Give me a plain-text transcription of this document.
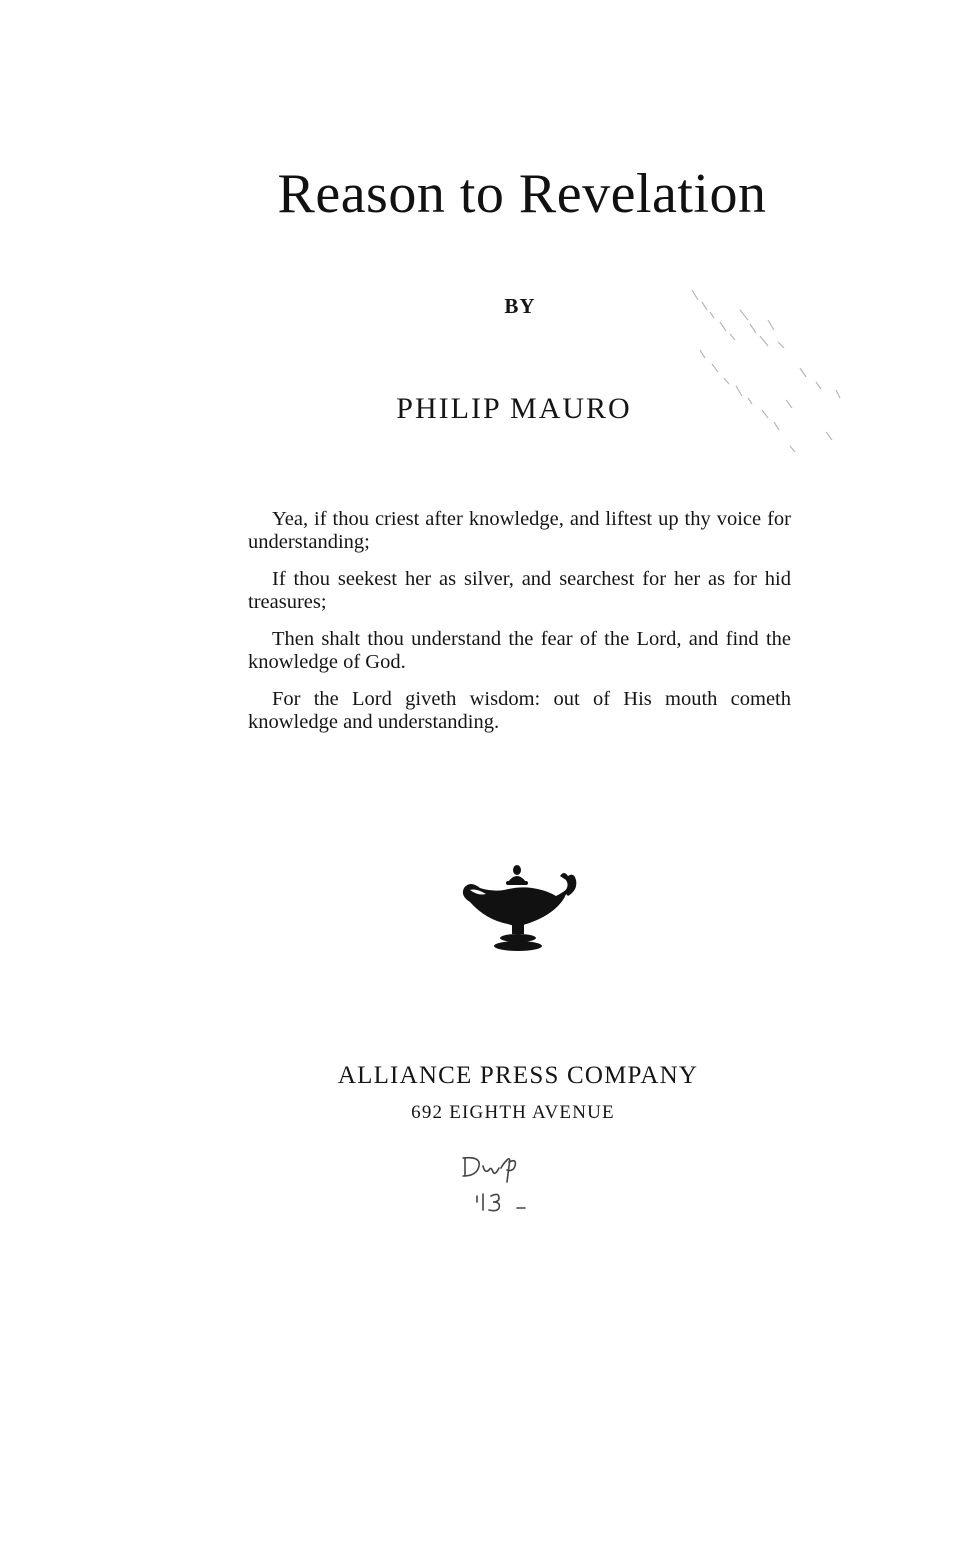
Reason to Revelation
BY
PHILIP MAURO

Yea, if thou criest after knowledge, and liftest up thy voice for understanding;

If thou seekest her as silver, and searchest for her as for hid treasures;

Then shalt thou understand the fear of the Lord, and find the knowledge of God.

For the Lord giveth wisdom: out of His mouth cometh knowledge and understanding.

ALLIANCE PRESS COMPANY
692 EIGHTH AVENUE
